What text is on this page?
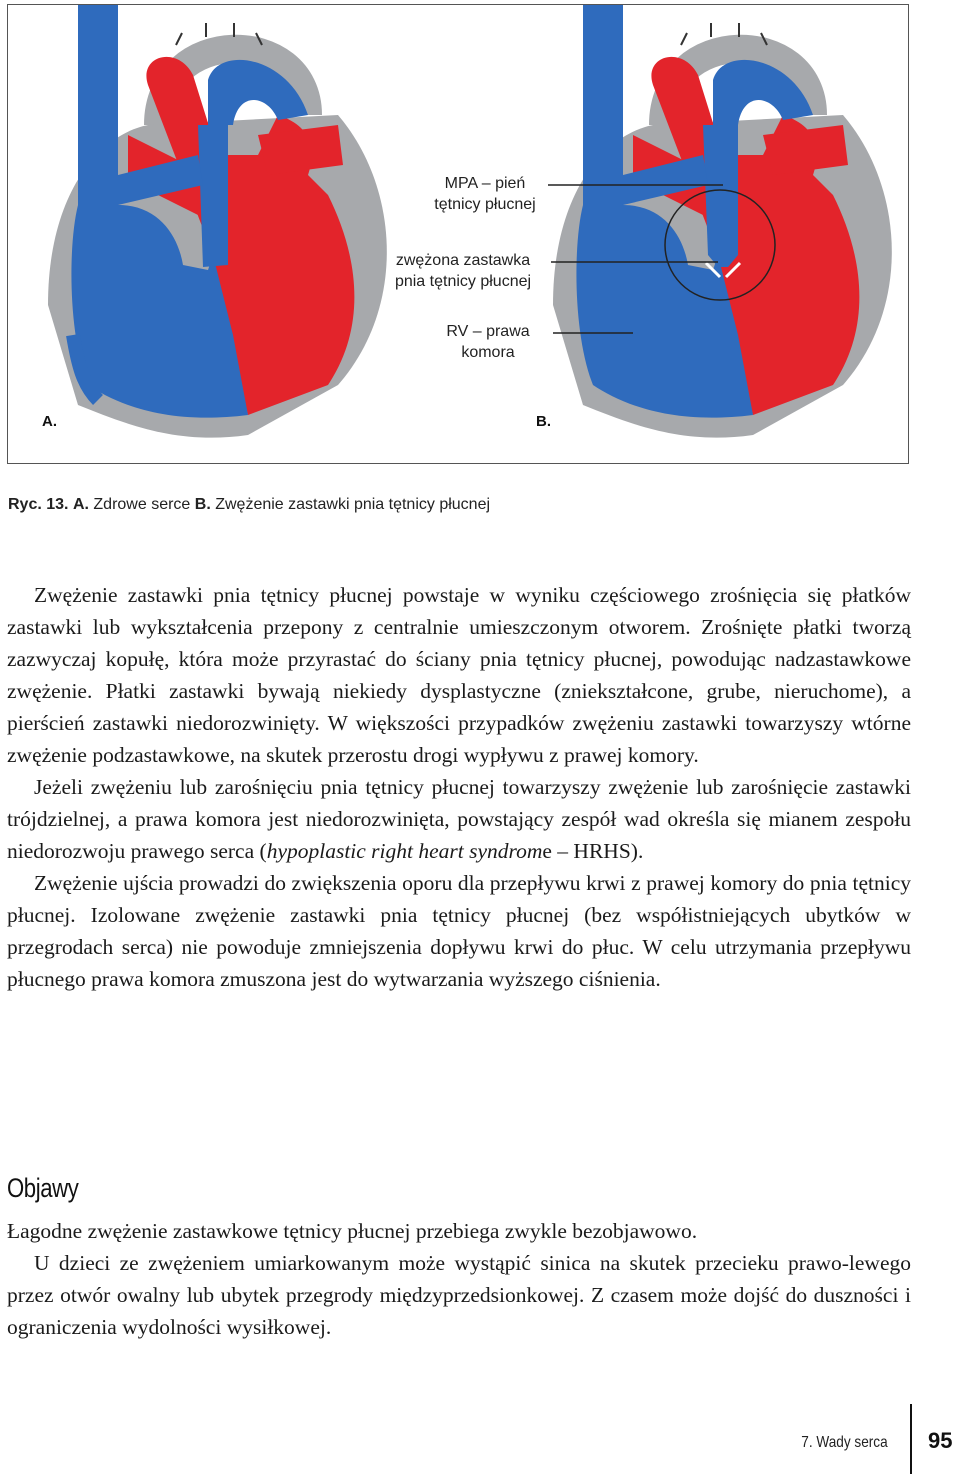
A.	B.
MPA – pień
tętnicy płucnej
zwężona zastawka
pnia tętnicy płucnej
RV – prawa
komora
Ryc. 13. A. Zdrowe serce B. Zwężenie zastawki pnia tętnicy płucnej

Zwężenie zastawki pnia tętnicy płucnej powstaje w wyniku częściowego zrośnięcia się płatków zastawki lub wykształcenia przepony z centralnie umieszczonym otworem. Zrośnięte płatki tworzą zazwyczaj kopułę, która może przyrastać do ściany pnia tętnicy płucnej, powodując nadzastawkowe zwężenie. Płatki zastawki bywają niekiedy dysplastyczne (zniekształcone, grube, nieruchome), a pierścień zastawki niedorozwinięty. W większości przypadków zwężeniu zastawki towarzyszy wtórne zwężenie podzastawkowe, na skutek przerostu drogi wypływu z prawej komory.

Jeżeli zwężeniu lub zarośnięciu pnia tętnicy płucnej towarzyszy zwężenie lub zarośnięcie zastawki trójdzielnej, a prawa komora jest niedorozwinięta, powstający zespół wad określa się mianem zespołu niedorozwoju prawego serca (hypoplastic right heart syndrome – HRHS).

Zwężenie ujścia prowadzi do zwiększenia oporu dla przepływu krwi z prawej komory do pnia tętnicy płucnej. Izolowane zwężenie zastawki pnia tętnicy płucnej (bez współistniejących ubytków w przegrodach serca) nie powoduje zmniejszenia dopływu krwi do płuc. W celu utrzymania przepływu płucnego prawa komora zmuszona jest do wytwarzania wyższego ciśnienia.

Objawy

Łagodne zwężenie zastawkowe tętnicy płucnej przebiega zwykle bezobjawowo.

U dzieci ze zwężeniem umiarkowanym może wystąpić sinica na skutek przecieku prawo-lewego przez otwór owalny lub ubytek przegrody międzyprzedsionkowej. Z czasem może dojść do duszności i ograniczenia wydolności wysiłkowej.

7. Wady serca 95
